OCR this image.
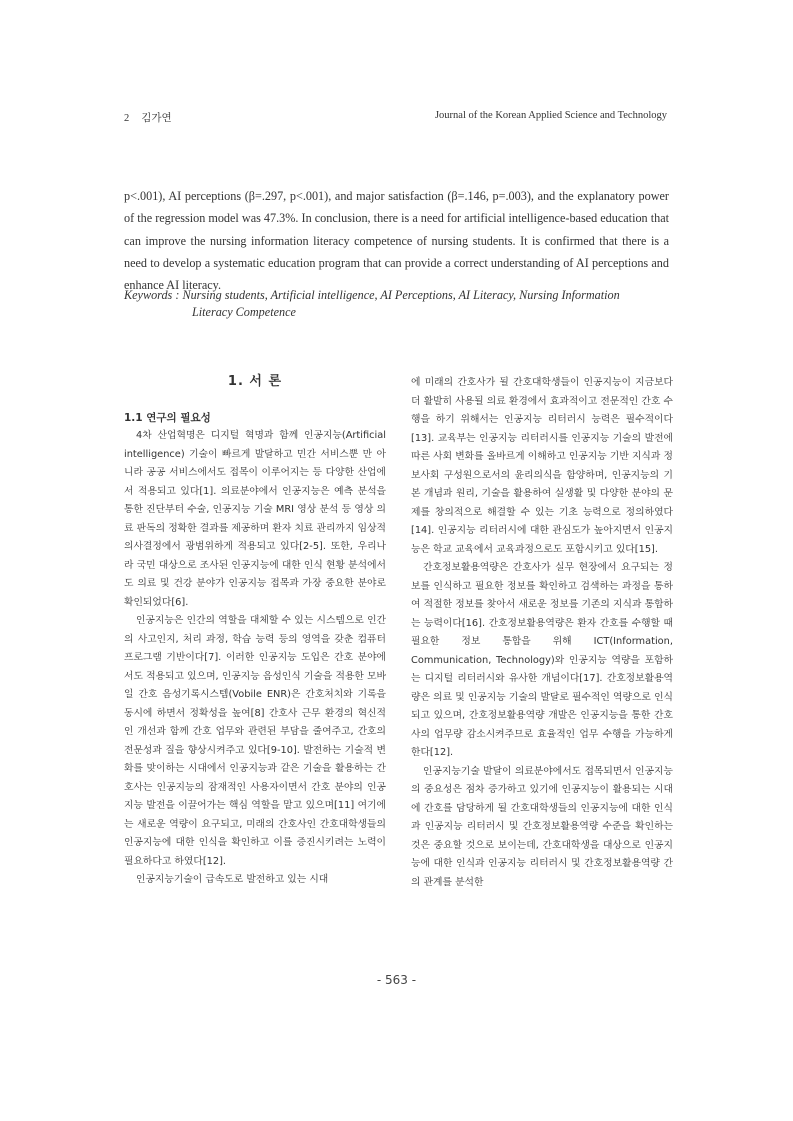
2 김가연	Journal of the Korean Applied Science and Technology

p<.001), AI perceptions (β=.297, p<.001), and major satisfaction (β=.146, p=.003), and the explanatory power of the regression model was 47.3%. In conclusion, there is a need for artificial intelligence-based education that can improve the nursing information literacy competence of nursing students. It is confirmed that there is a need to develop a systematic education program that can provide a correct understanding of AI perceptions and enhance AI literacy.

Keywords : Nursing students, Artificial intelligence, AI Perceptions, AI Literacy, Nursing Information
Literacy Competence
1. 서 론
1.1 연구의 필요성

4차 산업혁명은 디지털 혁명과 함께 인공지능(Artificial intelligence) 기술이 빠르게 발달하고 민간 서비스뿐 만 아니라 공공 서비스에서도 접목이 이루어지는 등 다양한 산업에서 적용되고 있다[1]. 의료분야에서 인공지능은 예측 분석을 통한 진단부터 수술, 인공지능 기술 MRI 영상 분석 등 영상 의료 판독의 정확한 결과를 제공하며 환자 치료 관리까지 임상적 의사결정에서 광범위하게 적용되고 있다[2-5]. 또한, 우리나라 국민 대상으로 조사된 인공지능에 대한 인식 현황 분석에서도 의료 및 건강 분야가 인공지능 접목과 가장 중요한 분야로 확인되었다[6].

인공지능은 인간의 역할을 대체할 수 있는 시스템으로 인간의 사고인지, 처리 과정, 학습 능력 등의 영역을 갖춘 컴퓨터 프로그램 기반이다[7]. 이러한 인공지능 도입은 간호 분야에서도 적용되고 있으며, 인공지능 음성인식 기술을 적용한 모바일 간호 음성기록시스템(Vobile ENR)은 간호처치와 기록을 동시에 하면서 정확성을 높여[8] 간호사 근무 환경의 혁신적인 개선과 함께 간호 업무와 관련된 부담을 줄여주고, 간호의 전문성과 질을 향상시켜주고 있다[9-10]. 발전하는 기술적 변화를 맞이하는 시대에서 인공지능과 같은 기술을 활용하는 간호사는 인공지능의 잠재적인 사용자이면서 간호 분야의 인공지능 발전을 이끌어가는 핵심 역할을 맡고 있으며[11] 여기에는 새로운 역량이 요구되고, 미래의 간호사인 간호대학생들의 인공지능에 대한 인식을 확인하고 이를 증진시키려는 노력이 필요하다고 하였다[12].

인공지능기술이 급속도로 발전하고 있는 시대

에 미래의 간호사가 될 간호대학생들이 인공지능이 지금보다 더 활발히 사용될 의료 환경에서 효과적이고 전문적인 간호 수행을 하기 위해서는 인공지능 리터러시 능력은 필수적이다[13]. 교육부는 인공지능 리터러시를 인공지능 기술의 발전에 따른 사회 변화를 올바르게 이해하고 인공지능 기반 지식과 정보사회 구성원으로서의 윤리의식을 함양하며, 인공지능의 기본 개념과 원리, 기술을 활용하여 실생활 및 다양한 분야의 문제를 창의적으로 해결할 수 있는 기초 능력으로 정의하였다[14]. 인공지능 리터러시에 대한 관심도가 높아지면서 인공지능은 학교 교육에서 교육과정으로도 포함시키고 있다[15].

간호정보활용역량은 간호사가 실무 현장에서 요구되는 정보를 인식하고 필요한 정보를 확인하고 검색하는 과정을 통하여 적절한 정보를 찾아서 새로운 정보를 기존의 지식과 통합하는 능력이다[16]. 간호정보활용역량은 환자 간호를 수행할 때 필요한 정보 통합을 위해 ICT(Information, Communication, Technology)와 인공지능 역량을 포함하는 디지털 리터러시와 유사한 개념이다[17]. 간호정보활용역량은 의료 및 인공지능 기술의 발달로 필수적인 역량으로 인식되고 있으며, 간호정보활용역량 개발은 인공지능을 통한 간호사의 업무량 감소시켜주므로 효율적인 업무 수행을 가능하게 한다[12].

인공지능기술 발달이 의료분야에서도 접목되면서 인공지능의 중요성은 점차 증가하고 있기에 인공지능이 활용되는 시대에 간호를 담당하게 될 간호대학생들의 인공지능에 대한 인식과 인공지능 리터러시 및 간호정보활용역량 수준을 확인하는 것은 중요할 것으로 보이는데, 간호대학생을 대상으로 인공지능에 대한 인식과 인공지능 리터러시 및 간호정보활용역량 간의 관계를 분석한

- 563 -
